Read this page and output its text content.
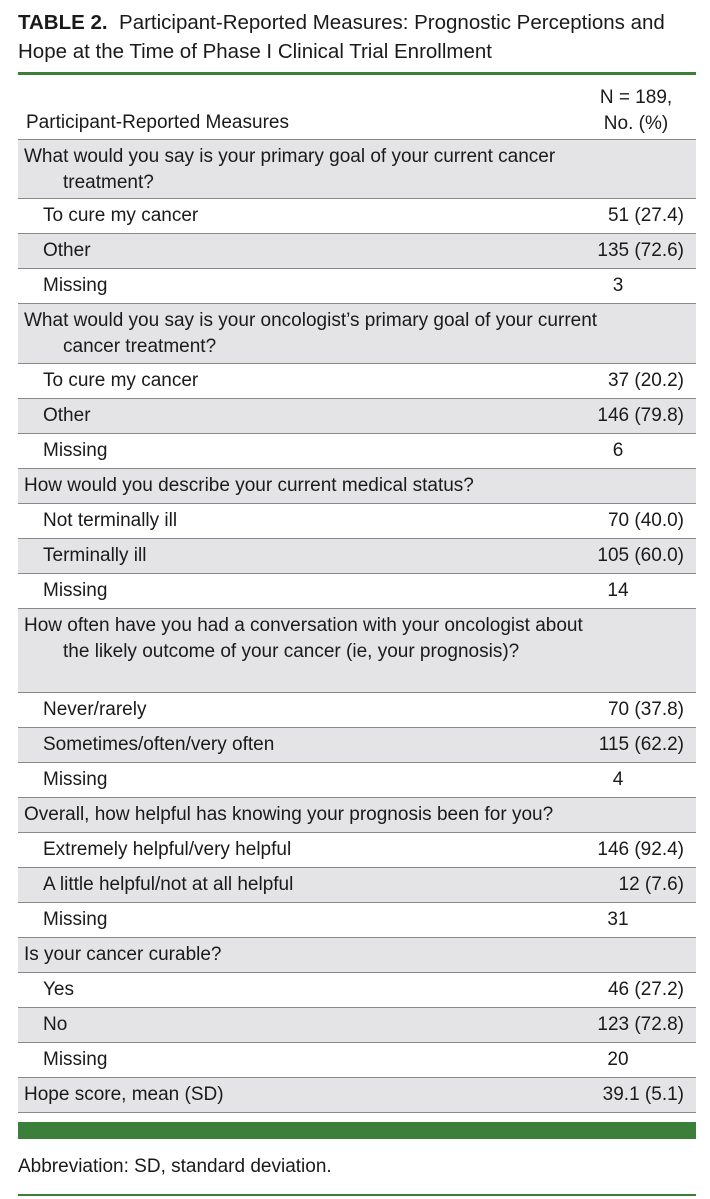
TABLE 2. Participant-Reported Measures: Prognostic Perceptions and Hope at the Time of Phase I Clinical Trial Enrollment

Participant-Reported Measures
N = 189,
No. (%)
What would you say is your primary goal of your current cancer treatment?
To cure my cancer	51 (27.4)
Other	135 (72.6)
Missing	3
What would you say is your oncologist’s primary goal of your current cancer treatment?
To cure my cancer	37 (20.2)
Other	146 (79.8)
Missing	6
How would you describe your current medical status?
Not terminally ill	70 (40.0)
Terminally ill	105 (60.0)
Missing	14
How often have you had a conversation with your oncologist about the likely outcome of your cancer (ie, your prognosis)?
Never/rarely	70 (37.8)
Sometimes/often/very often	115 (62.2)
Missing	4
Overall, how helpful has knowing your prognosis been for you?
Extremely helpful/very helpful	146 (92.4)
A little helpful/not at all helpful	12 (7.6)
Missing	31
Is your cancer curable?
Yes	46 (27.2)
No	123 (72.8)
Missing	20
Hope score, mean (SD)	39.1 (5.1)
Abbreviation: SD, standard deviation.
